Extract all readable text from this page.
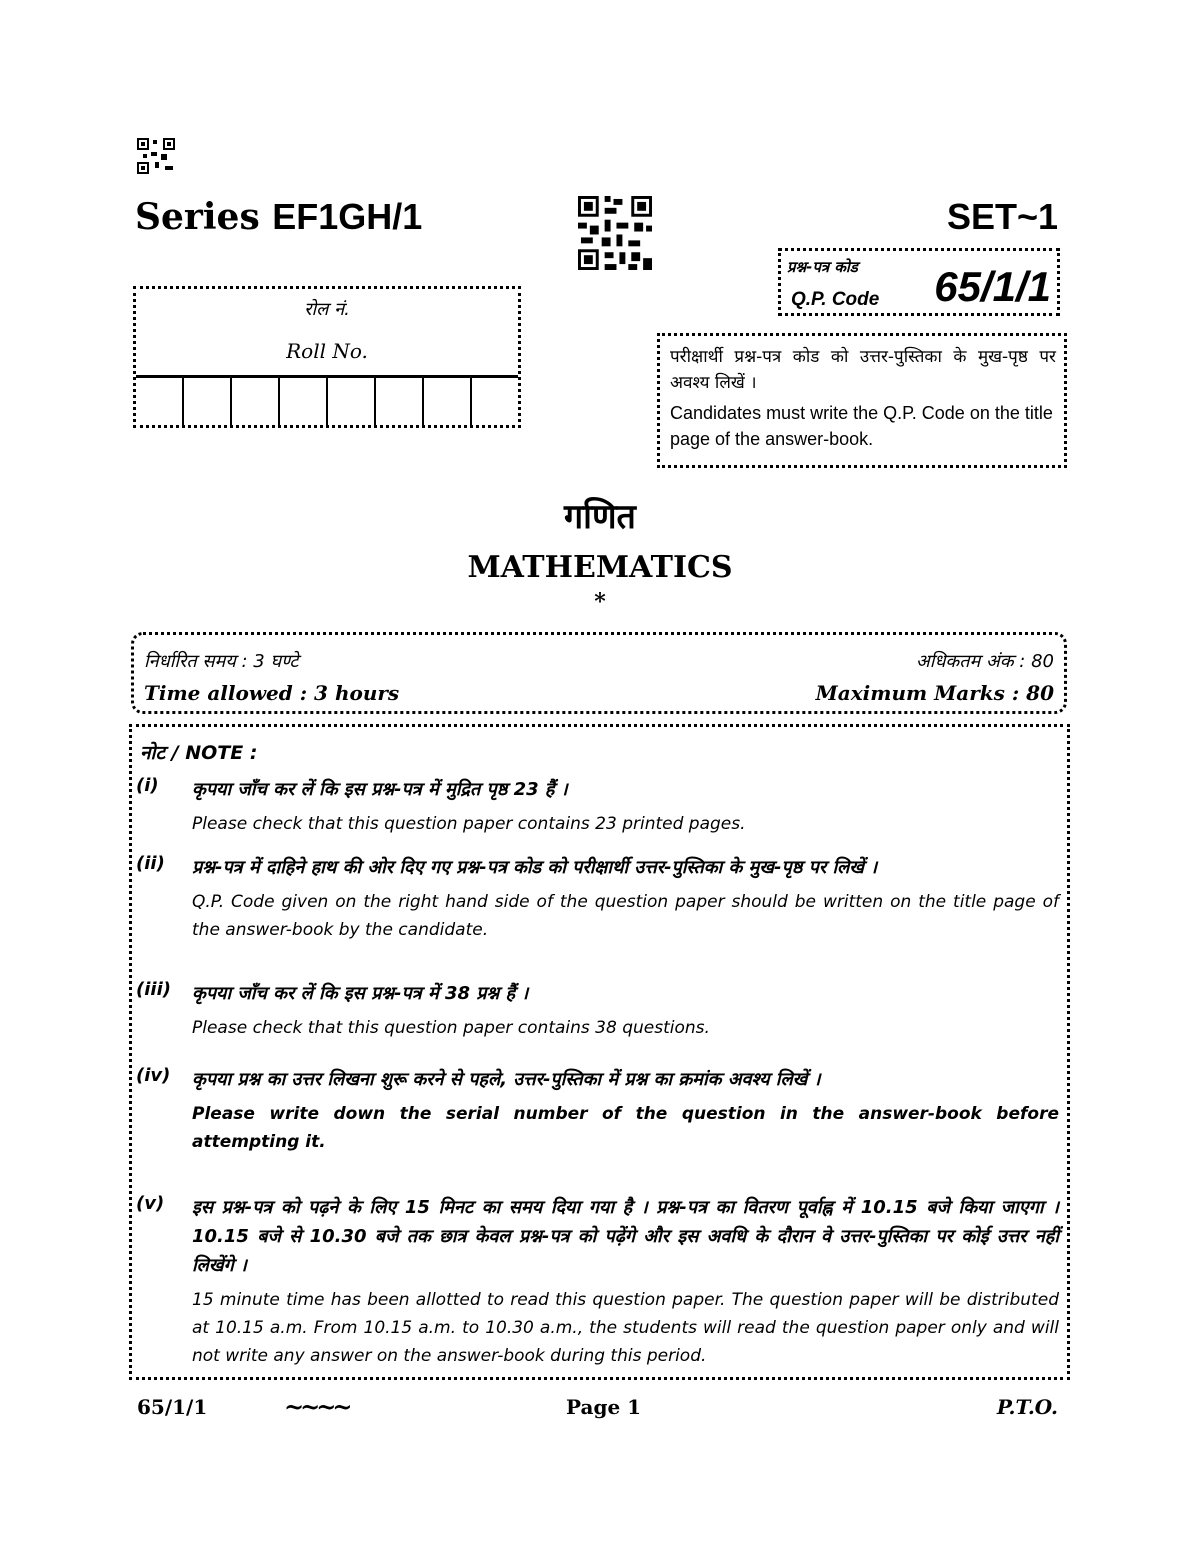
Series EF1GH/1	SET~1
प्रश्न-पत्र कोड
Q.P. Code 65/1/1
रोल नं.
Roll No.	परीक्षार्थी प्रश्न-पत्र कोड को उत्तर-पुस्तिका के मुख-पृष्ठ पर अवश्य लिखें ।
Candidates must write the Q.P. Code on the title page of the answer-book.
गणित
MATHEMATICS
*
निर्धारित समय : 3 घण्टे	अधिकतम अंक : 80
Time allowed : 3 hours	Maximum Marks : 80
नोट / NOTE :
(i) कृपया जाँच कर लें कि इस प्रश्न-पत्र में मुद्रित पृष्ठ 23 हैं ।
Please check that this question paper contains 23 printed pages.
(ii) प्रश्न-पत्र में दाहिने हाथ की ओर दिए गए प्रश्न-पत्र कोड को परीक्षार्थी उत्तर-पुस्तिका के मुख-पृष्ठ पर लिखें ।
Q.P. Code given on the right hand side of the question paper should be written on the title page of the answer-book by the candidate.
(iii) कृपया जाँच कर लें कि इस प्रश्न-पत्र में 38 प्रश्न हैं ।
Please check that this question paper contains 38 questions.
(iv) कृपया प्रश्न का उत्तर लिखना शुरू करने से पहले, उत्तर-पुस्तिका में प्रश्न का क्रमांक अवश्य लिखें ।
Please write down the serial number of the question in the answer-book before attempting it.
(v) इस प्रश्न-पत्र को पढ़ने के लिए 15 मिनट का समय दिया गया है । प्रश्न-पत्र का वितरण पूर्वाह्न में 10.15 बजे किया जाएगा । 10.15 बजे से 10.30 बजे तक छात्र केवल प्रश्न-पत्र को पढ़ेंगे और इस अवधि के दौरान वे उत्तर-पुस्तिका पर कोई उत्तर नहीं लिखेंगे ।
15 minute time has been allotted to read this question paper. The question paper will be distributed at 10.15 a.m. From 10.15 a.m. to 10.30 a.m., the students will read the question paper only and will not write any answer on the answer-book during this period.
65/1/1	~~~~	Page 1	P.T.O.
